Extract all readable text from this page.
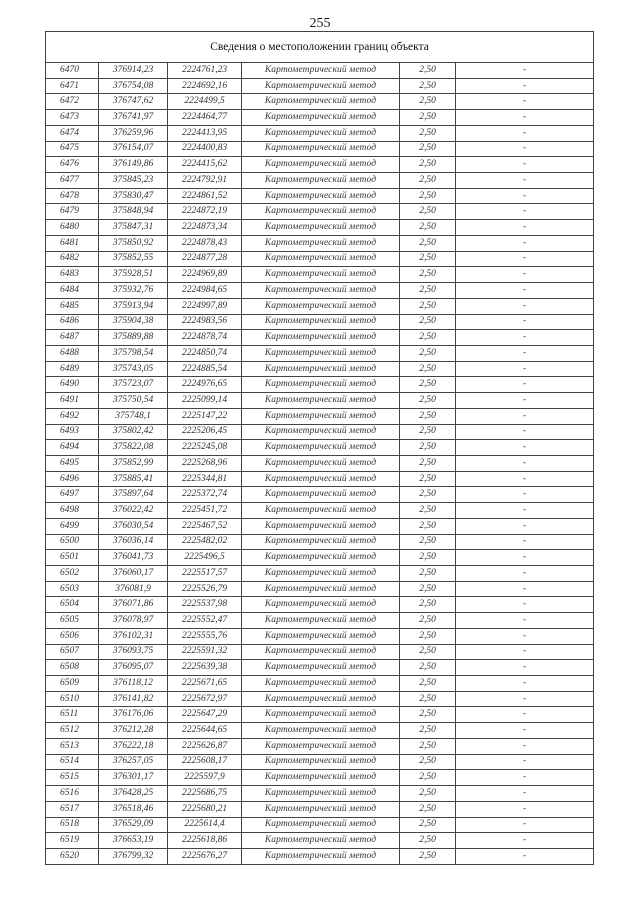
255
Сведения о местоположении границ объекта					
6470	376914,23	2224761,23	Картометрический метод	2,50	-
6471	376754,08	2224692,16	Картометрический метод	2,50	-
6472	376747,62	2224499,5	Картометрический метод	2,50	-
6473	376741,97	2224464,77	Картометрический метод	2,50	-
6474	376259,96	2224413,95	Картометрический метод	2,50	-
6475	376154,07	2224400,83	Картометрический метод	2,50	-
6476	376149,86	2224415,62	Картометрический метод	2,50	-
6477	375845,23	2224792,91	Картометрический метод	2,50	-
6478	375830,47	2224861,52	Картометрический метод	2,50	-
6479	375848,94	2224872,19	Картометрический метод	2,50	-
6480	375847,31	2224873,34	Картометрический метод	2,50	-
6481	375850,92	2224878,43	Картометрический метод	2,50	-
6482	375852,55	2224877,28	Картометрический метод	2,50	-
6483	375928,51	2224969,89	Картометрический метод	2,50	-
6484	375932,76	2224984,65	Картометрический метод	2,50	-
6485	375913,94	2224997,89	Картометрический метод	2,50	-
6486	375904,38	2224983,56	Картометрический метод	2,50	-
6487	375889,88	2224878,74	Картометрический метод	2,50	-
6488	375798,54	2224850,74	Картометрический метод	2,50	-
6489	375743,05	2224885,54	Картометрический метод	2,50	-
6490	375723,07	2224976,65	Картометрический метод	2,50	-
6491	375750,54	2225099,14	Картометрический метод	2,50	-
6492	375748,1	2225147,22	Картометрический метод	2,50	-
6493	375802,42	2225206,45	Картометрический метод	2,50	-
6494	375822,08	2225245,08	Картометрический метод	2,50	-
6495	375852,99	2225268,96	Картометрический метод	2,50	-
6496	375885,41	2225344,81	Картометрический метод	2,50	-
6497	375897,64	2225372,74	Картометрический метод	2,50	-
6498	376022,42	2225451,72	Картометрический метод	2,50	-
6499	376030,54	2225467,52	Картометрический метод	2,50	-
6500	376036,14	2225482,02	Картометрический метод	2,50	-
6501	376041,73	2225496,5	Картометрический метод	2,50	-
6502	376060,17	2225517,57	Картометрический метод	2,50	-
6503	376081,9	2225526,79	Картометрический метод	2,50	-
6504	376071,86	2225537,98	Картометрический метод	2,50	-
6505	376078,97	2225552,47	Картометрический метод	2,50	-
6506	376102,31	2225555,76	Картометрический метод	2,50	-
6507	376093,75	2225591,32	Картометрический метод	2,50	-
6508	376095,07	2225639,38	Картометрический метод	2,50	-
6509	376118,12	2225671,65	Картометрический метод	2,50	-
6510	376141,82	2225672,97	Картометрический метод	2,50	-
6511	376176,06	2225647,29	Картометрический метод	2,50	-
6512	376212,28	2225644,65	Картометрический метод	2,50	-
6513	376222,18	2225626,87	Картометрический метод	2,50	-
6514	376257,05	2225608,17	Картометрический метод	2,50	-
6515	376301,17	2225597,9	Картометрический метод	2,50	-
6516	376428,25	2225686,75	Картометрический метод	2,50	-
6517	376518,46	2225680,21	Картометрический метод	2,50	-
6518	376529,09	2225614,4	Картометрический метод	2,50	-
6519	376653,19	2225618,86	Картометрический метод	2,50	-
6520	376799,32	2225676,27	Картометрический метод	2,50	-
